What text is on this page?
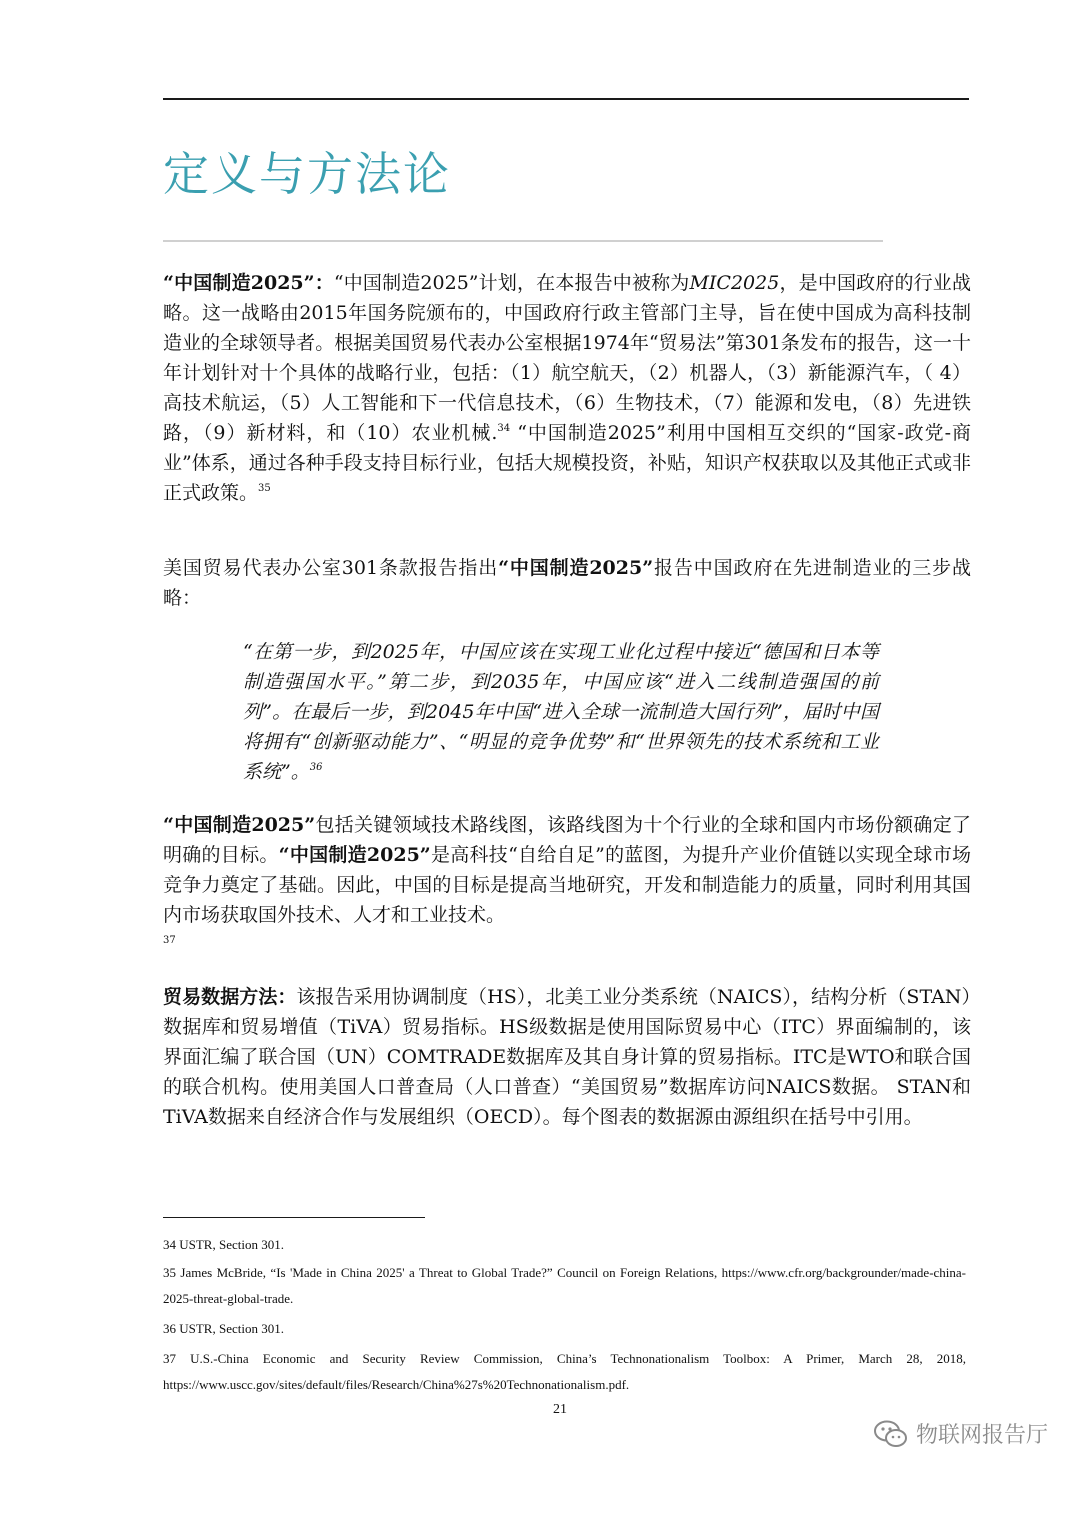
定义与方法论

“中国制造2025”：“中国制造2025”计划，在本报告中被称为MIC2025，是中国政府的行业战略。这一战略由2015年国务院颁布的，中国政府行政主管部门主导，旨在使中国成为高科技制造业的全球领导者。根据美国贸易代表办公室根据1974年“贸易法”第301条发布的报告，这一十年计划针对十个具体的战略行业，包括：（1）航空航天，（2）机器人，（3）新能源汽车，（ 4）高技术航运，（5）人工智能和下一代信息技术，（6）生物技术，（7）能源和发电，（8）先进铁路，（9）新材料，和（10）农业机械.$^{34}$ “中国制造2025”利用中国相互交织的“国家-政党-商业”体系，通过各种手段支持目标行业，包括大规模投资，补贴，知识产权获取以及其他正式或非正式政策。$^{35}$

美国贸易代表办公室301条款报告指出“中国制造2025”报告中国政府在先进制造业的三步战略：

“在第一步，到2025年，中国应该在实现工业化过程中接近“德国和日本等制造强国水平。”第二步，到2035年，中国应该“进入二线制造强国的前列”。在最后一步，到2045年中国“进入全球一流制造大国行列”，届时中国将拥有“创新驱动能力”、“明显的竞争优势”和“世界领先的技术系统和工业系统”。$^{36}$

“中国制造2025”包括关键领域技术路线图，该路线图为十个行业的全球和国内市场份额确定了明确的目标。“中国制造2025”是高科技“自给自足”的蓝图，为提升产业价值链以实现全球市场竞争力奠定了基础。因此，中国的目标是提高当地研究，开发和制造能力的质量，同时利用其国内市场获取国外技术、人才和工业技术。
$^{37}$

贸易数据方法：该报告采用协调制度（HS），北美工业分类系统（NAICS），结构分析（STAN）数据库和贸易增值（TiVA）贸易指标。HS级数据是使用国际贸易中心（ITC）界面编制的，该界面汇编了联合国（UN）COMTRADE数据库及其自身计算的贸易指标。ITC是WTO和联合国的联合机构。使用美国人口普查局（人口普查）“美国贸易”数据库访问NAICS数据。 STAN和TiVA数据来自经济合作与发展组织（OECD）。每个图表的数据源由源组织在括号中引用。

34 USTR, Section 301.

35 James McBride, “Is 'Made in China 2025' a Threat to Global Trade?” Council on Foreign Relations, https://www.cfr.org/backgrounder/made-china-2025-threat-global-trade.

36 USTR, Section 301.

37 U.S.-China Economic and Security Review Commission, China’s Technonationalism Toolbox: A Primer, March 28, 2018, https://www.uscc.gov/sites/default/files/Research/China%27s%20Technonationalism.pdf.

21
物联网报告厅
